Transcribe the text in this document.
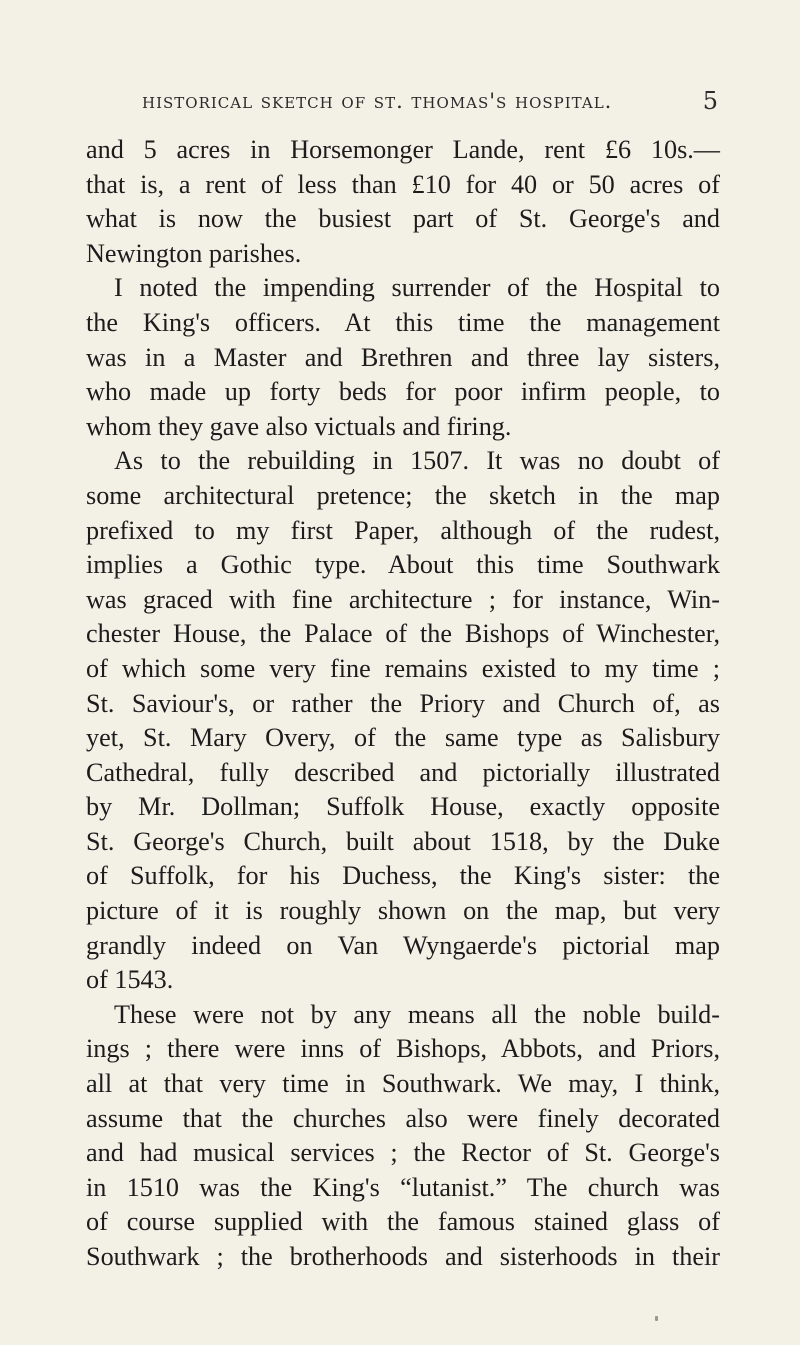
historical sketch of st. thomas's hospital.	5
and 5 acres in Horsemonger Lande, rent £6 10s.—
that is, a rent of less than £10 for 40 or 50 acres of
what is now the busiest part of St. George's and
Newington parishes.
I noted the impending surrender of the Hospital to
the King's officers. At this time the management
was in a Master and Brethren and three lay sisters,
who made up forty beds for poor infirm people, to
whom they gave also victuals and firing.
As to the rebuilding in 1507. It was no doubt of
some architectural pretence; the sketch in the map
prefixed to my first Paper, although of the rudest,
implies a Gothic type. About this time Southwark
was graced with fine architecture ; for instance, Win-
chester House, the Palace of the Bishops of Winchester,
of which some very fine remains existed to my time ;
St. Saviour's, or rather the Priory and Church of, as
yet, St. Mary Overy, of the same type as Salisbury
Cathedral, fully described and pictorially illustrated
by Mr. Dollman; Suffolk House, exactly opposite
St. George's Church, built about 1518, by the Duke
of Suffolk, for his Duchess, the King's sister: the
picture of it is roughly shown on the map, but very
grandly indeed on Van Wyngaerde's pictorial map
of 1543.
These were not by any means all the noble build-
ings ; there were inns of Bishops, Abbots, and Priors,
all at that very time in Southwark. We may, I think,
assume that the churches also were finely decorated
and had musical services ; the Rector of St. George's
in 1510 was the King's “lutanist.” The church was
of course supplied with the famous stained glass of
Southwark ; the brotherhoods and sisterhoods in their
